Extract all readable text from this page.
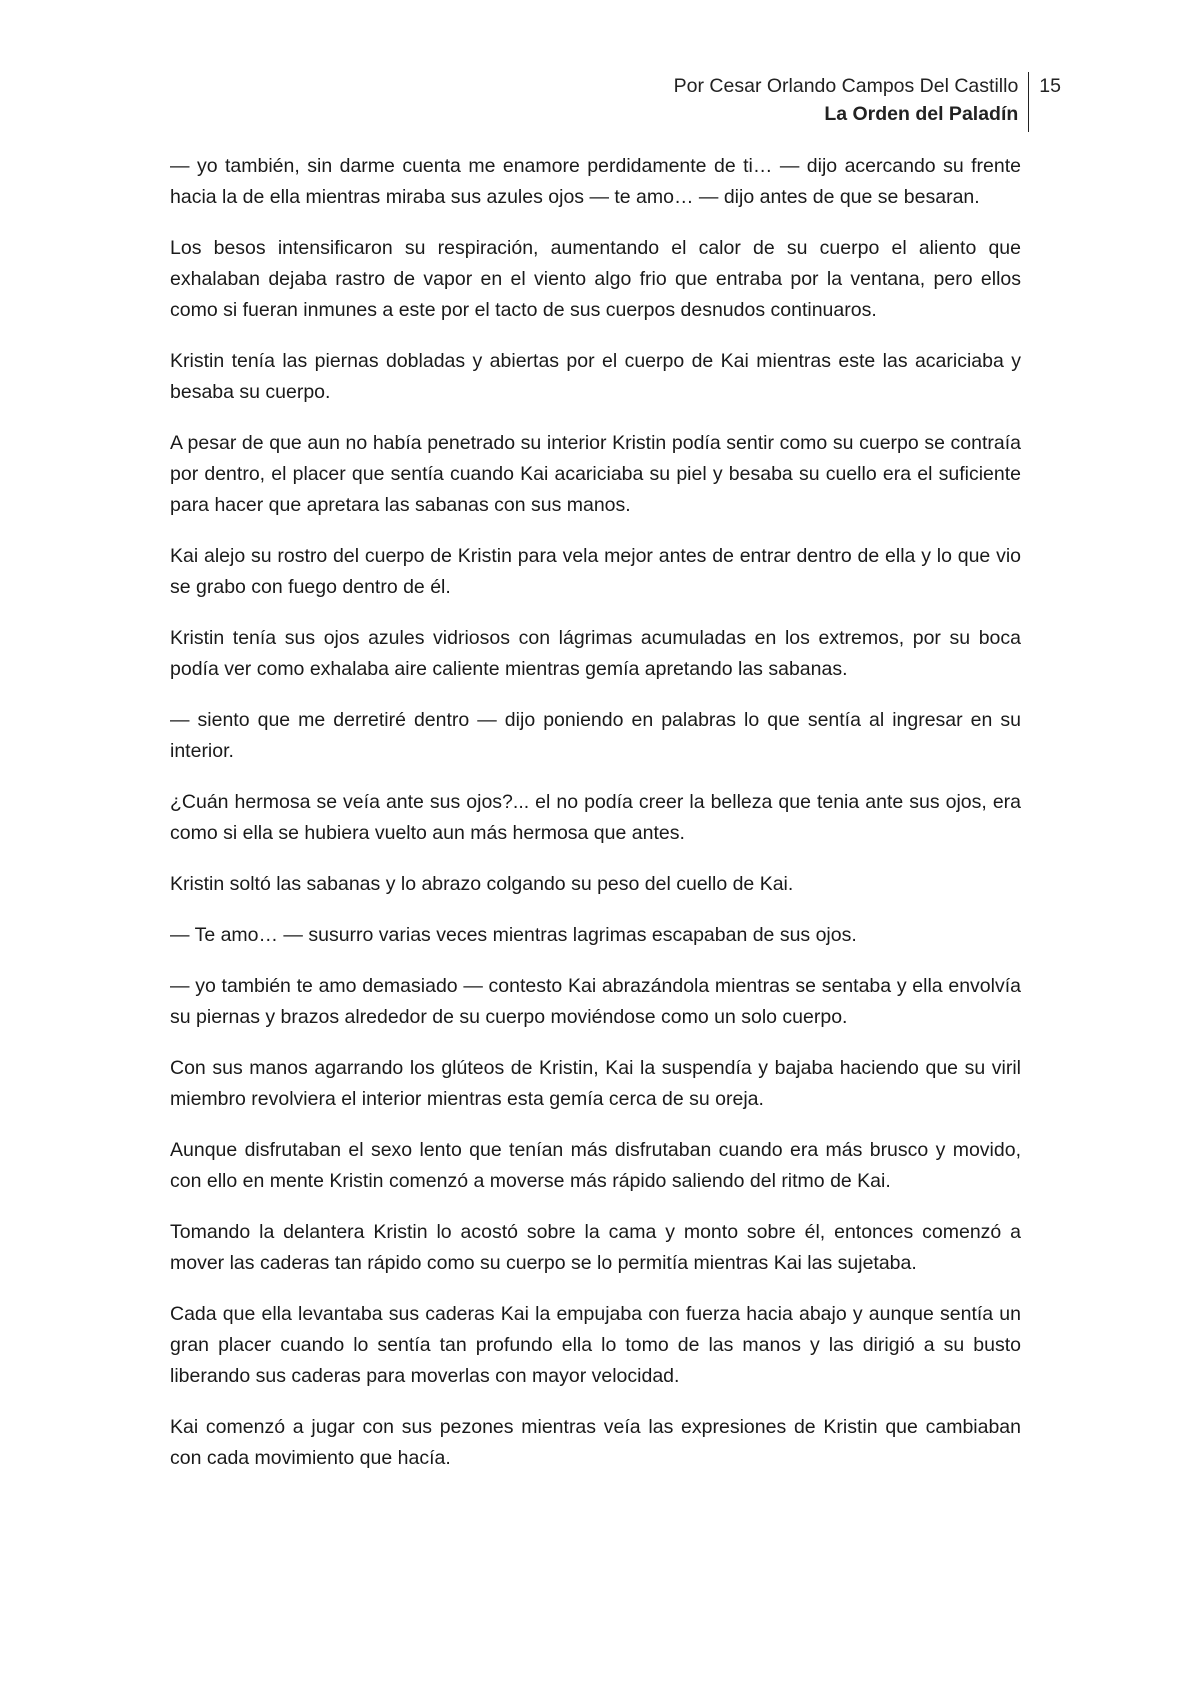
Por Cesar Orlando Campos Del Castillo
La Orden del Paladín
15

— yo también, sin darme cuenta me enamore perdidamente de ti… — dijo acercando su frente hacia la de ella mientras miraba sus azules ojos — te amo… — dijo antes de que se besaran.

Los besos intensificaron su respiración, aumentando el calor de su cuerpo el aliento que exhalaban dejaba rastro de vapor en el viento algo frio que entraba por la ventana, pero ellos como si fueran inmunes a este por el tacto de sus cuerpos desnudos continuaros.

Kristin tenía las piernas dobladas y abiertas por el cuerpo de Kai mientras este las acariciaba y besaba su cuerpo.

A pesar de que aun no había penetrado su interior Kristin podía sentir como su cuerpo se contraía por dentro, el placer que sentía cuando Kai acariciaba su piel y besaba su cuello era el suficiente para hacer que apretara las sabanas con sus manos.

Kai alejo su rostro del cuerpo de Kristin para vela mejor antes de entrar dentro de ella y lo que vio se grabo con fuego dentro de él.

Kristin tenía sus ojos azules vidriosos con lágrimas acumuladas en los extremos, por su boca podía ver como exhalaba aire caliente mientras gemía apretando las sabanas.

— siento que me derretiré dentro — dijo poniendo en palabras lo que sentía al ingresar en su interior.

¿Cuán hermosa se veía ante sus ojos?... el no podía creer la belleza que tenia ante sus ojos, era como si ella se hubiera vuelto aun más hermosa que antes.

Kristin soltó las sabanas y lo abrazo colgando su peso del cuello de Kai.

— Te amo… — susurro varias veces mientras lagrimas escapaban de sus ojos.

— yo también te amo demasiado — contesto Kai abrazándola mientras se sentaba y ella envolvía su piernas y brazos alrededor de su cuerpo moviéndose como un solo cuerpo.

Con sus manos agarrando los glúteos de Kristin, Kai la suspendía y bajaba haciendo que su viril miembro revolviera el interior mientras esta gemía cerca de su oreja.

Aunque disfrutaban el sexo lento que tenían más disfrutaban cuando era más brusco y movido, con ello en mente Kristin comenzó a moverse más rápido saliendo del ritmo de Kai.

Tomando la delantera Kristin lo acostó sobre la cama y monto sobre él, entonces comenzó a mover las caderas tan rápido como su cuerpo se lo permitía mientras Kai las sujetaba.

Cada que ella levantaba sus caderas Kai la empujaba con fuerza hacia abajo y aunque sentía un gran placer cuando lo sentía tan profundo ella lo tomo de las manos y las dirigió a su busto liberando sus caderas para moverlas con mayor velocidad.

Kai comenzó a jugar con sus pezones mientras veía las expresiones de Kristin que cambiaban con cada movimiento que hacía.
